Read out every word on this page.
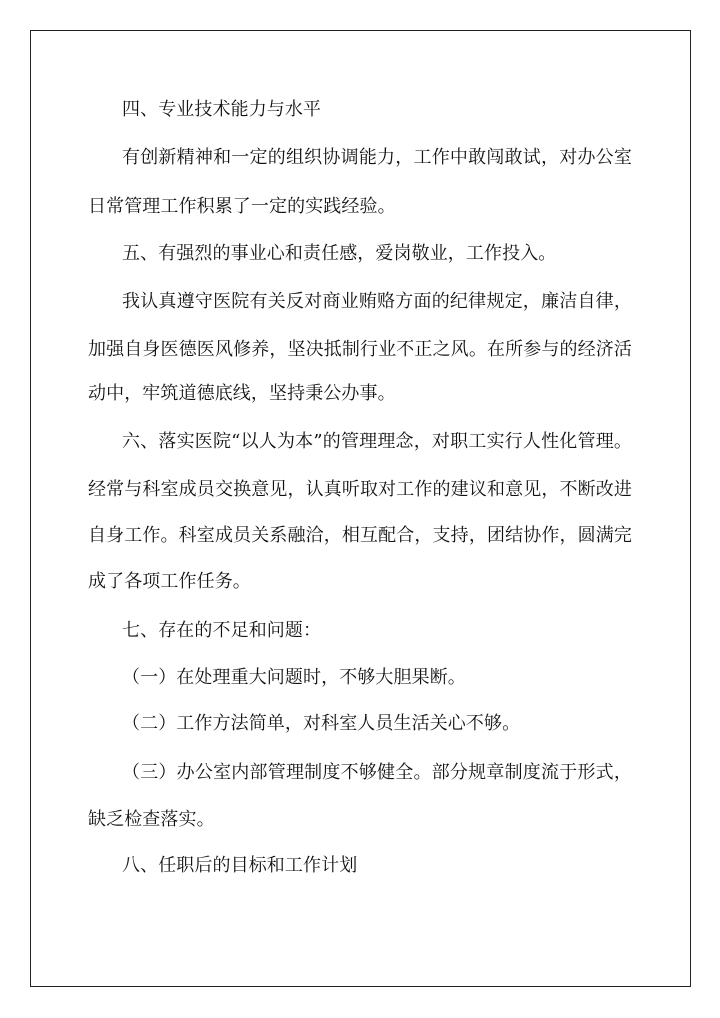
四、专业技术能力与水平
有创新精神和一定的组织协调能力，工作中敢闯敢试，对办公室
日常管理工作积累了一定的实践经验。
五、有强烈的事业心和责任感，爱岗敬业，工作投入。
我认真遵守医院有关反对商业贿赂方面的纪律规定，廉洁自律，
加强自身医德医风修养，坚决抵制行业不正之风。在所参与的经济活
动中，牢筑道德底线，坚持秉公办事。
六、落实医院“以人为本”的管理理念，对职工实行人性化管理。
经常与科室成员交换意见，认真听取对工作的建议和意见，不断改进
自身工作。科室成员关系融洽，相互配合，支持，团结协作，圆满完
成了各项工作任务。
七、存在的不足和问题：
（一）在处理重大问题时，不够大胆果断。
（二）工作方法简单，对科室人员生活关心不够。
（三）办公室内部管理制度不够健全。部分规章制度流于形式，
缺乏检查落实。
八、任职后的目标和工作计划
